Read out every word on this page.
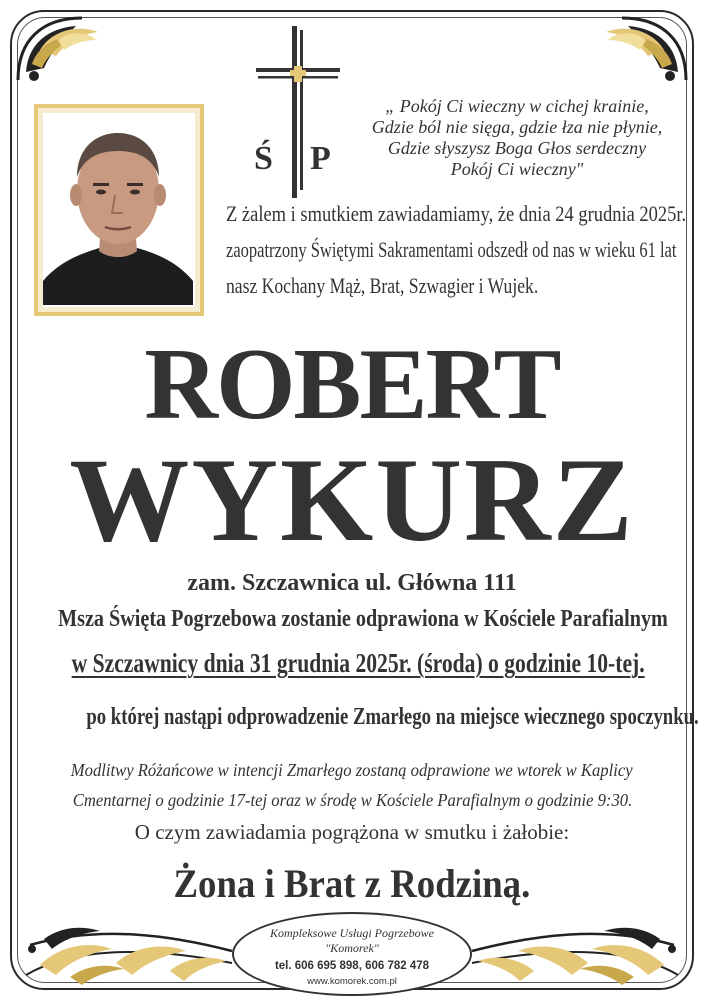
Ś P
„ Pokój Ci wieczny w cichej krainie,
Gdzie ból nie sięga, gdzie łza nie płynie,
Gdzie słyszysz Boga Głos serdeczny
Pokój Ci wieczny"
Z żalem i smutkiem zawiadamiamy, że dnia 24 grudnia 2025r.
zaopatrzony Świętymi Sakramentami odszedł od nas w wieku 61 lat
nasz Kochany Mąż, Brat, Szwagier i Wujek.
ROBERT
WYKURZ
zam. Szczawnica ul. Główna 111
Msza Święta Pogrzebowa zostanie odprawiona w Kościele Parafialnym
w Szczawnicy dnia 31 grudnia 2025r. (środa) o godzinie 10-tej.
po której nastąpi odprowadzenie Zmarłego na miejsce wiecznego spoczynku.
Modlitwy Różańcowe w intencji Zmarłego zostaną odprawione we wtorek w Kaplicy
Cmentarnej o godzinie 17-tej oraz w środę w Kościele Parafialnym o godzinie 9:30.
O czym zawiadamia pogrążona w smutku i żałobie:
Żona i Brat z Rodziną.
Kompleksowe Usługi Pogrzebowe
"Komorek"
tel. 606 695 898, 606 782 478
www.komorek.com.pl
